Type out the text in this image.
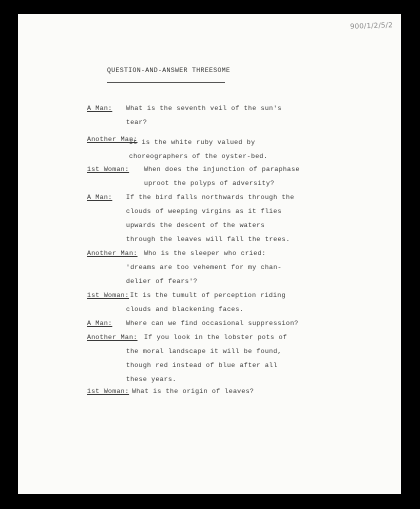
900/1/2/5/2
QUESTION-AND-ANSWER THREESOME
A Man: What is the seventh veil of the sun's
tear?
Another Man:
It is the white ruby valued by
choreographers of the oyster-bed.
1st Woman: When does the injunction of paraphase
uproot the polyps of adversity?
A Man: If the bird falls northwards through the
clouds of weeping virgins as it flies
upwards the descent of the waters
through the leaves will fall the trees.
Another Man: Who is the sleeper who cried:
'dreams are too vehement for my chan-
delier of fears'?
1st Woman: It is the tumult of perception riding
clouds and blackening faces.
A Man: Where can we find occasional suppression?
Another Man: If you look in the lobster pots of
the moral landscape it will be found,
though red instead of blue after all
these years.
1st Woman: What is the origin of leaves?
